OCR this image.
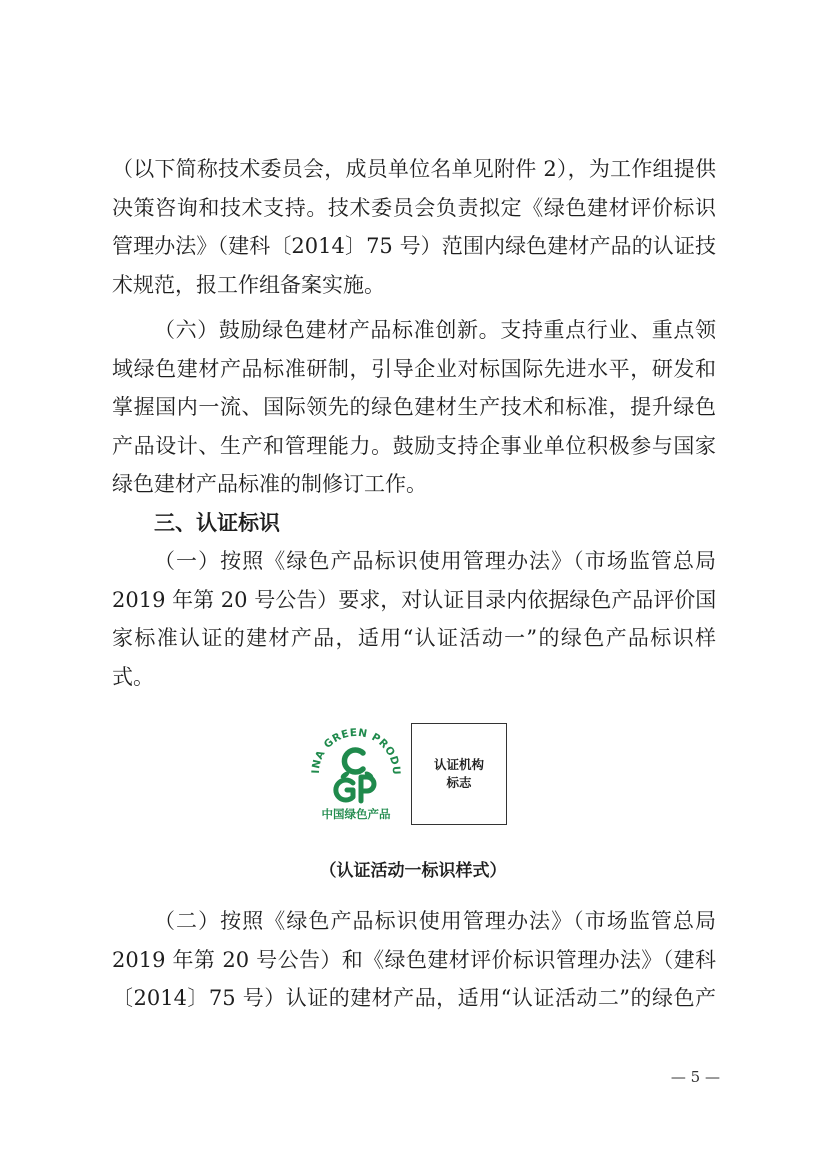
（以下简称技术委员会，成员单位名单见附件 2），为工作组提供
决策咨询和技术支持。技术委员会负责拟定《绿色建材评价标识
管理办法》（建科〔2014〕75 号）范围内绿色建材产品的认证技
术规范，报工作组备案实施。
（六）鼓励绿色建材产品标准创新。支持重点行业、重点领
域绿色建材产品标准研制，引导企业对标国际先进水平，研发和
掌握国内一流、国际领先的绿色建材生产技术和标准，提升绿色
产品设计、生产和管理能力。鼓励支持企事业单位积极参与国家
绿色建材产品标准的制修订工作。
三、认证标识
（一）按照《绿色产品标识使用管理办法》（市场监管总局
2019 年第 20 号公告）要求，对认证目录内依据绿色产品评价国
家标准认证的建材产品，适用“认证活动一”的绿色产品标识样
式。
INA GREEN PRODU
中国绿色产品
认证机构
标志
（认证活动一标识样式）
（二）按照《绿色产品标识使用管理办法》（市场监管总局
2019 年第 20 号公告）和《绿色建材评价标识管理办法》（建科
〔2014〕75 号）认证的建材产品，适用“认证活动二”的绿色产
— 5 —
